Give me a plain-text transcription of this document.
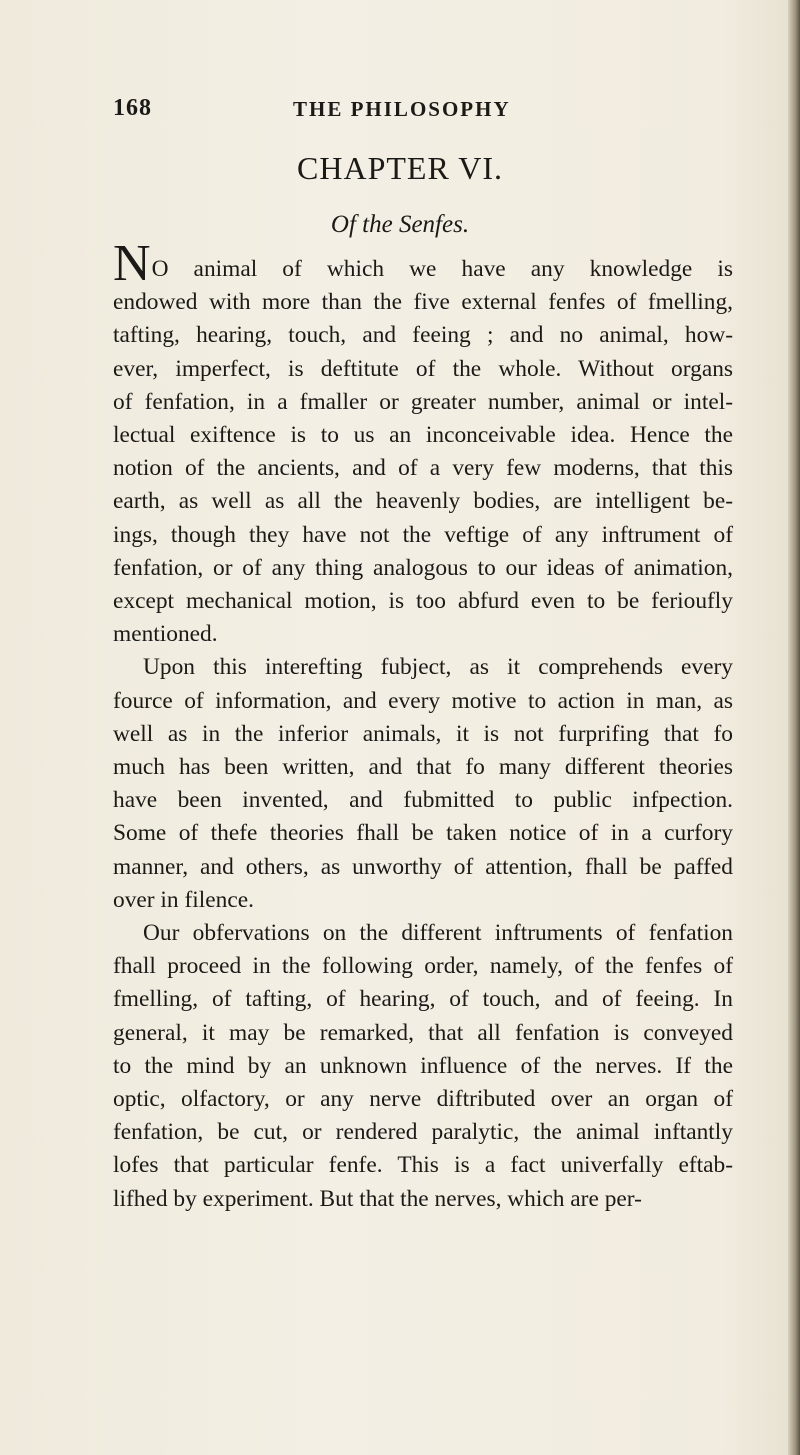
168	THE PHILOSOPHY
CHAPTER VI.
Of the Senfes.
NO animal of which we have any knowledge is
endowed with more than the five external fenfes of fmelling,
tafting, hearing, touch, and feeing ; and no animal, how-
ever, imperfect, is deftitute of the whole. Without organs
of fenfation, in a fmaller or greater number, animal or intel-
lectual exiftence is to us an inconceivable idea. Hence the
notion of the ancients, and of a very few moderns, that this
earth, as well as all the heavenly bodies, are intelligent be-
ings, though they have not the veftige of any inftrument of
fenfation, or of any thing analogous to our ideas of animation,
except mechanical motion, is too abfurd even to be ferioufly
mentioned.
Upon this interefting fubject, as it comprehends every
fource of information, and every motive to action in man, as
well as in the inferior animals, it is not furprifing that fo
much has been written, and that fo many different theories
have been invented, and fubmitted to public infpection.
Some of thefe theories fhall be taken notice of in a curfory
manner, and others, as unworthy of attention, fhall be paffed
over in filence.
Our obfervations on the different inftruments of fenfation
fhall proceed in the following order, namely, of the fenfes of
fmelling, of tafting, of hearing, of touch, and of feeing. In
general, it may be remarked, that all fenfation is conveyed
to the mind by an unknown influence of the nerves. If the
optic, olfactory, or any nerve diftributed over an organ of
fenfation, be cut, or rendered paralytic, the animal inftantly
lofes that particular fenfe. This is a fact univerfally eftab-
lifhed by experiment. But that the nerves, which are per-
